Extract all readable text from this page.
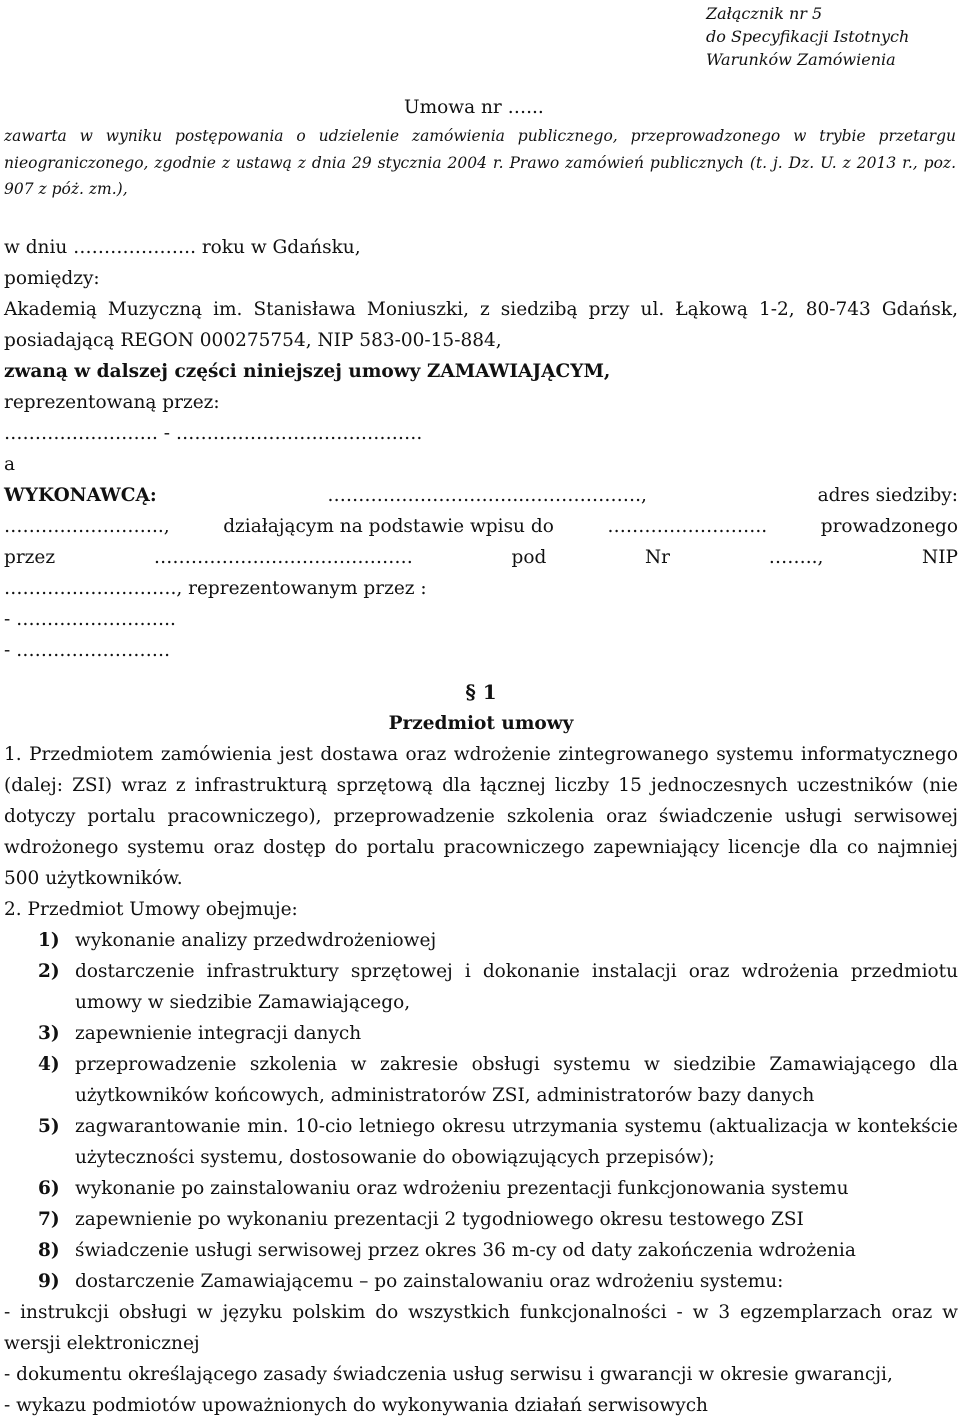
Załącznik nr 5
do Specyfikacji Istotnych
Warunków Zamówienia
Umowa nr …...
zawarta w wyniku postępowania o udzielenie zamówienia publicznego, przeprowadzonego w trybie przetargu nieograniczonego, zgodnie z ustawą z dnia 29 stycznia 2004 r. Prawo zamówień publicznych (t. j. Dz. U. z 2013 r., poz. 907 z póż. zm.),
w dniu ……………….. roku w Gdańsku,
pomiędzy:
Akademią Muzyczną im. Stanisława Moniuszki, z siedzibą przy ul. Łąkową 1-2, 80-743 Gdańsk, posiadającą REGON 000275754, NIP 583-00-15-884,
zwaną w dalszej części niniejszej umowy ZAMAWIAJĄCYM,
reprezentowaną przez:
……………………. - ………………………………….
a
WYKONAWCĄ:	…………………………..……………….,	adres siedziby:
……………………..,	działającym na podstawie wpisu do	……………………..	prowadzonego
przez	……………………………………	pod	Nr	……..,	NIP
………………………., reprezentowanym przez :
- ……………………..
- …………………….
§ 1
Przedmiot umowy
1. Przedmiotem zamówienia jest dostawa oraz wdrożenie zintegrowanego systemu informatycznego (dalej: ZSI) wraz z infrastrukturą sprzętową dla łącznej liczby 15 jednoczesnych uczestników (nie dotyczy portalu pracowniczego), przeprowadzenie szkolenia oraz świadczenie usługi serwisowej wdrożonego systemu oraz dostęp do portalu pracowniczego zapewniający licencje dla co najmniej 500 użytkowników.
2. Przedmiot Umowy obejmuje:
1) wykonanie analizy przedwdrożeniowej
2) dostarczenie infrastruktury sprzętowej i dokonanie instalacji oraz wdrożenia przedmiotu umowy w siedzibie Zamawiającego,
3) zapewnienie integracji danych
4) przeprowadzenie szkolenia w zakresie obsługi systemu w siedzibie Zamawiającego dla użytkowników końcowych, administratorów ZSI, administratorów bazy danych
5) zagwarantowanie min. 10-cio letniego okresu utrzymania systemu (aktualizacja w kontekście użyteczności systemu, dostosowanie do obowiązujących przepisów);
6) wykonanie po zainstalowaniu oraz wdrożeniu prezentacji funkcjonowania systemu
7) zapewnienie po wykonaniu prezentacji 2 tygodniowego okresu testowego ZSI
8) świadczenie usługi serwisowej przez okres 36 m-cy od daty zakończenia wdrożenia
9) dostarczenie Zamawiającemu – po zainstalowaniu oraz wdrożeniu systemu:
- instrukcji obsługi w języku polskim do wszystkich funkcjonalności - w 3 egzemplarzach oraz w wersji elektronicznej
- dokumentu określającego zasady świadczenia usług serwisu i gwarancji w okresie gwarancji,
- wykazu podmiotów upoważnionych do wykonywania działań serwisowych
